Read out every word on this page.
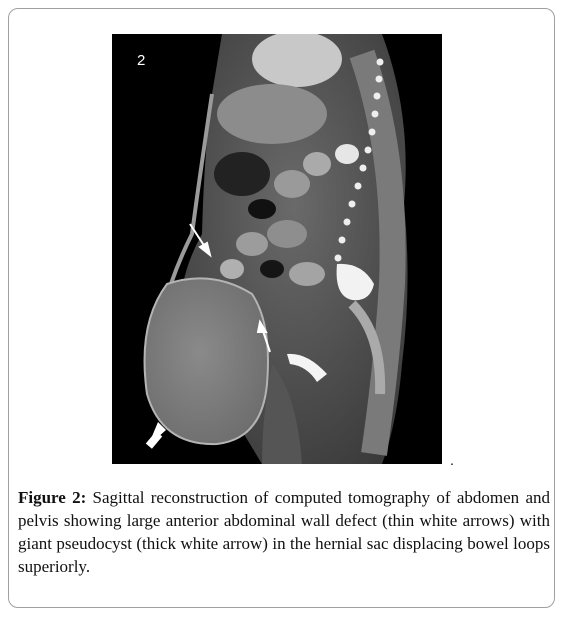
2
.
Figure 2: Sagittal reconstruction of computed tomography of abdomen and pelvis showing large anterior abdominal wall defect (thin white arrows) with giant pseudocyst (thick white arrow) in the hernial sac displacing bowel loops superiorly.
